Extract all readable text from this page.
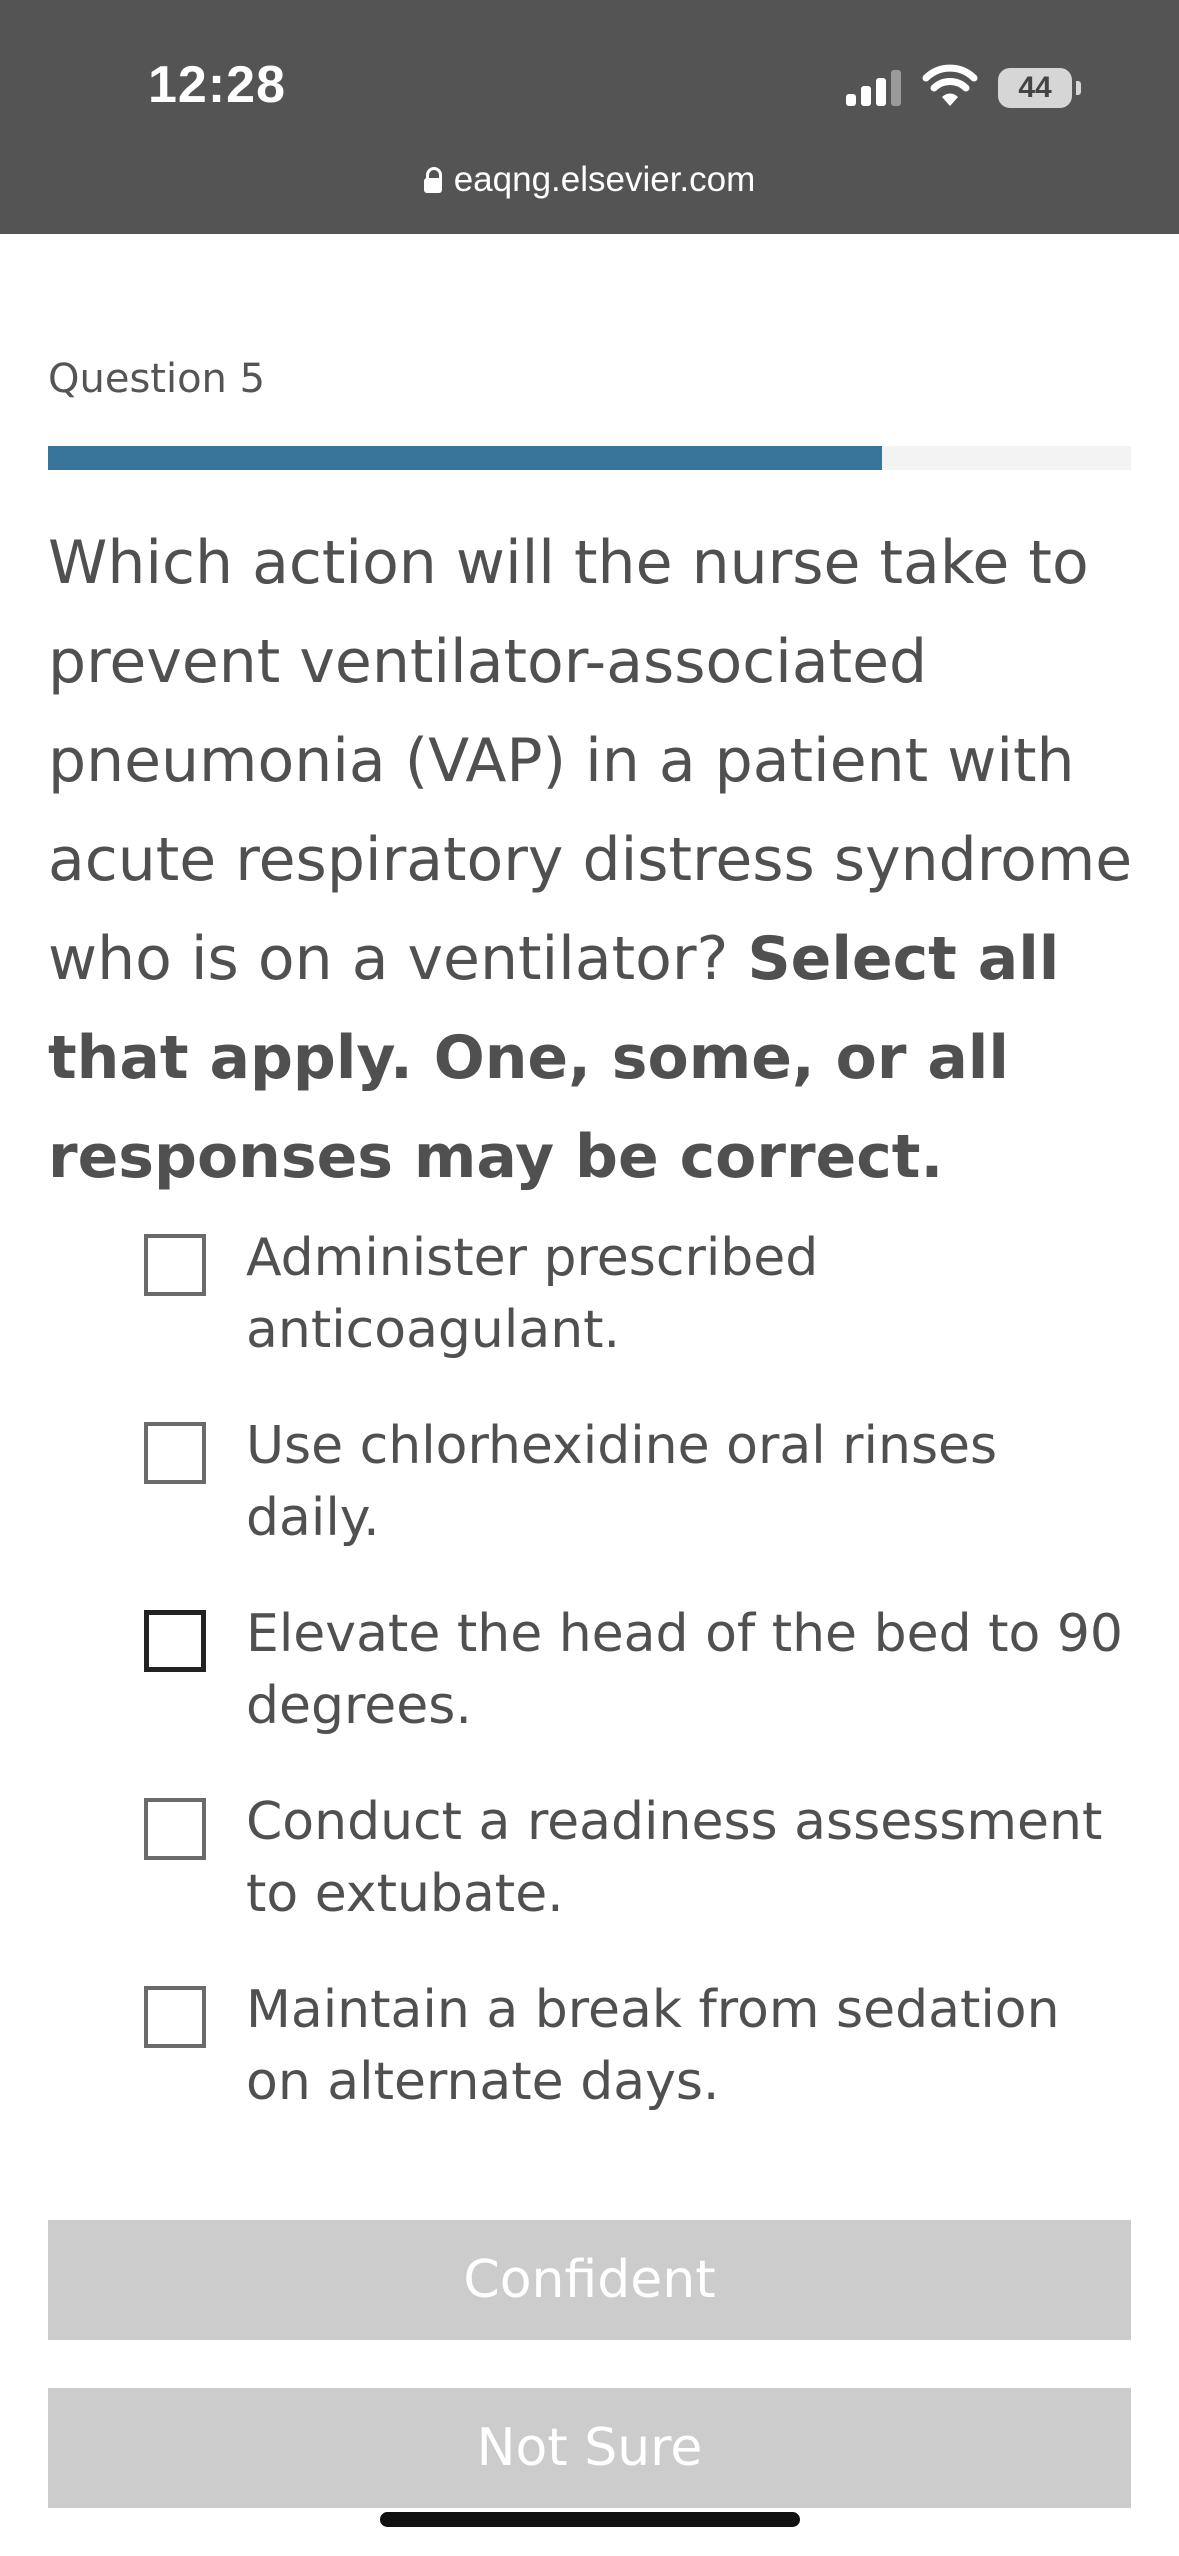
12:28	44
eaqng.elsevier.com
Question 5
Which action will the nurse take to prevent ventilator-associated pneumonia (VAP) in a patient with acute respiratory distress syndrome who is on a ventilator? Select all that apply. One, some, or all responses may be correct.
Administer prescribed anticoagulant.
Use chlorhexidine oral rinses daily.
Elevate the head of the bed to 90 degrees.
Conduct a readiness assessment to extubate.
Maintain a break from sedation on alternate days.
Confident
Not Sure
